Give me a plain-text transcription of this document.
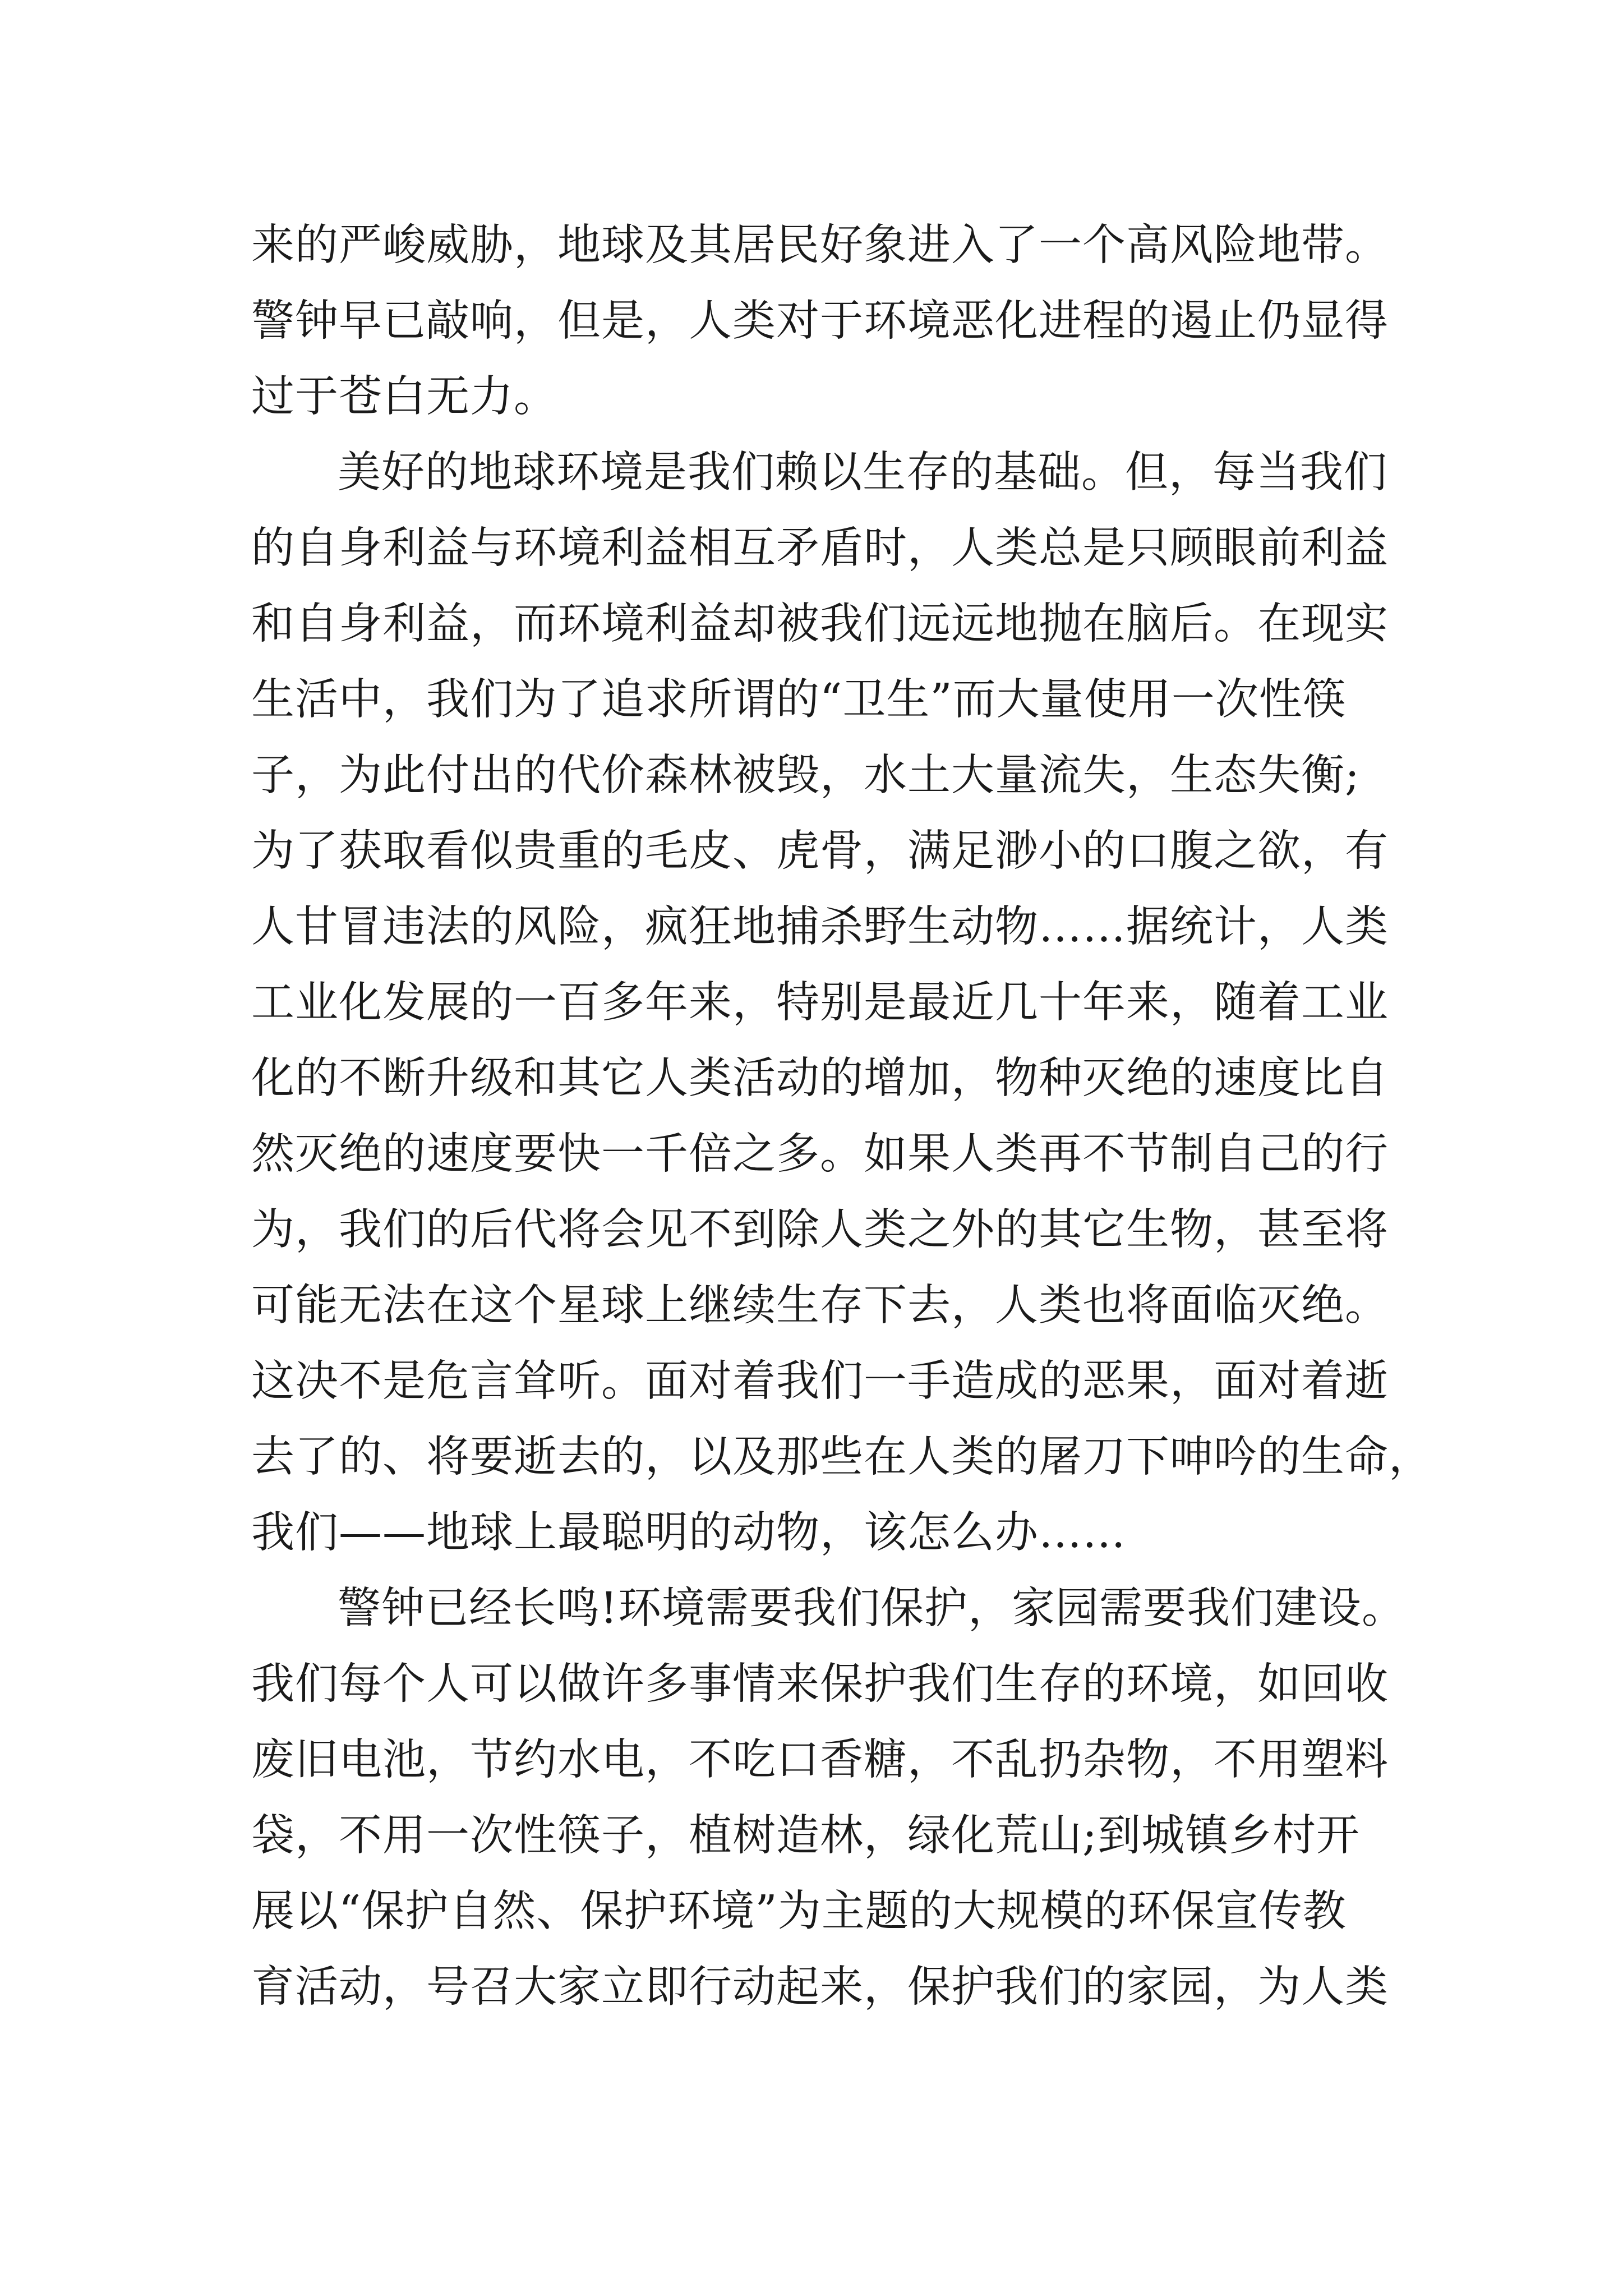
来的严峻威胁，地球及其居民好象进入了一个高风险地带。
警钟早已敲响，但是，人类对于环境恶化进程的遏止仍显得
过于苍白无力。

美好的地球环境是我们赖以生存的基础。但，每当我们
的自身利益与环境利益相互矛盾时，人类总是只顾眼前利益
和自身利益，而环境利益却被我们远远地抛在脑后。在现实
生活中，我们为了追求所谓的“卫生”而大量使用一次性筷
子，为此付出的代价森林被毁，水土大量流失，生态失衡;
为了获取看似贵重的毛皮、虎骨，满足渺小的口腹之欲，有
人甘冒违法的风险，疯狂地捕杀野生动物……据统计，人类
工业化发展的一百多年来，特别是最近几十年来，随着工业
化的不断升级和其它人类活动的增加，物种灭绝的速度比自
然灭绝的速度要快一千倍之多。如果人类再不节制自己的行
为，我们的后代将会见不到除人类之外的其它生物，甚至将
可能无法在这个星球上继续生存下去，人类也将面临灭绝。
这决不是危言耸听。面对着我们一手造成的恶果，面对着逝
去了的、将要逝去的，以及那些在人类的屠刀下呻吟的生命，
我们——地球上最聪明的动物，该怎么办……

警钟已经长鸣!环境需要我们保护，家园需要我们建设。
我们每个人可以做许多事情来保护我们生存的环境，如回收
废旧电池，节约水电，不吃口香糖，不乱扔杂物，不用塑料
袋，不用一次性筷子，植树造林，绿化荒山;到城镇乡村开
展以“保护自然、保护环境”为主题的大规模的环保宣传教
育活动，号召大家立即行动起来，保护我们的家园，为人类
